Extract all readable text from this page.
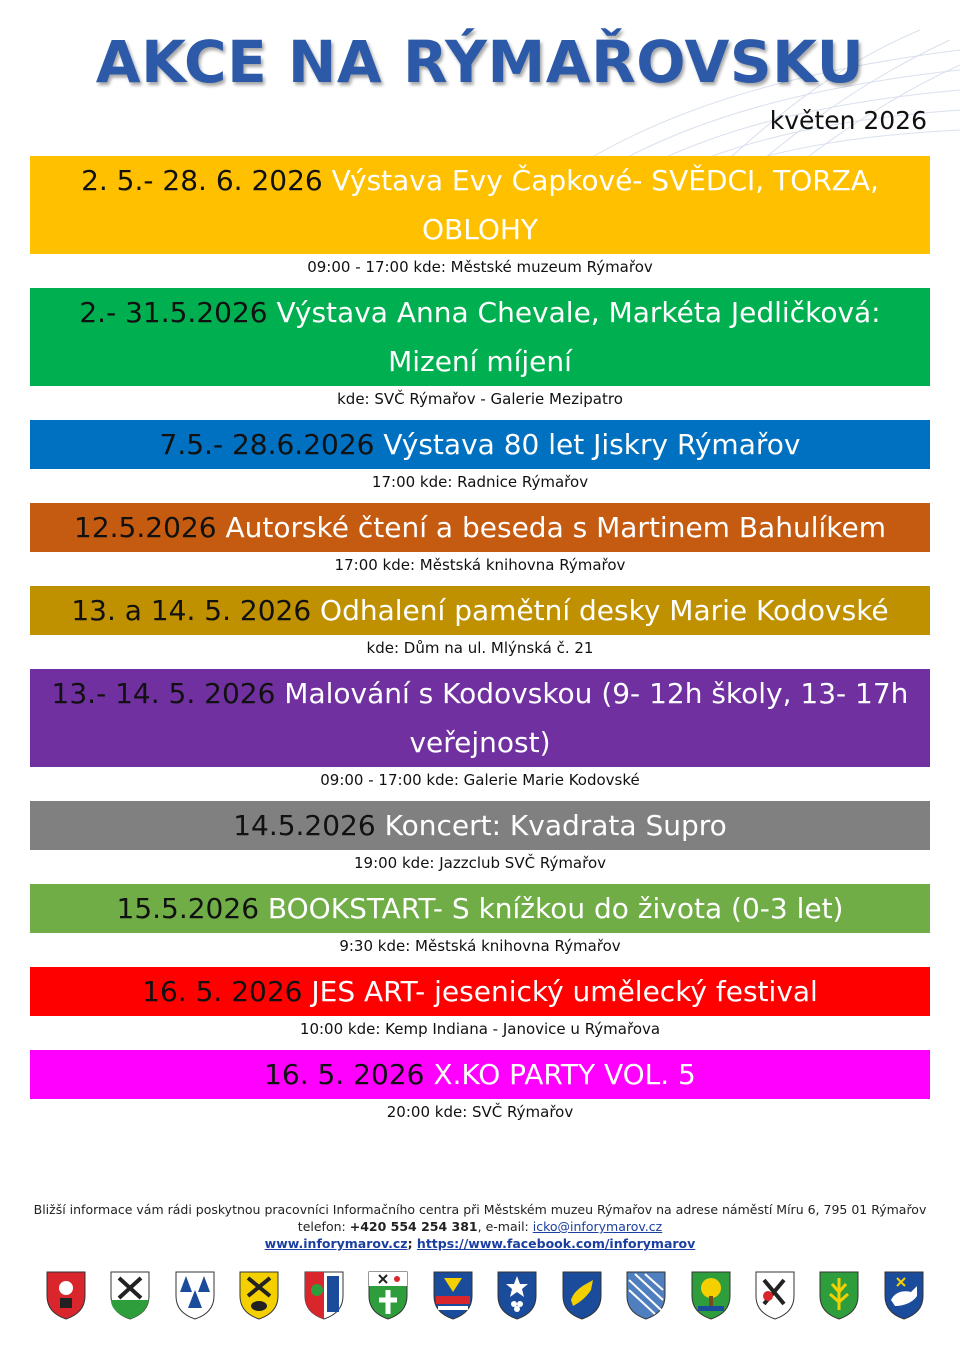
AKCE NA RÝMAŘOVSKU
květen 2026
2. 5.- 28. 6. 2026 Výstava Evy Čapkové- SVĚDCI, TORZA, OBLOHY
09:00 - 17:00 kde: Městské muzeum Rýmařov
2.- 31.5.2026 Výstava Anna Chevale, Markéta Jedličková: Mizení míjení
kde: SVČ Rýmařov - Galerie Mezipatro
7.5.- 28.6.2026 Výstava 80 let Jiskry Rýmařov
17:00 kde: Radnice Rýmařov
12.5.2026 Autorské čtení a beseda s Martinem Bahulíkem
17:00 kde: Městská knihovna Rýmařov
13. a 14. 5. 2026 Odhalení pamětní desky Marie Kodovské
kde: Dům na ul. Mlýnská č. 21
13.- 14. 5. 2026 Malování s Kodovskou (9- 12h školy, 13- 17h veřejnost)
09:00 - 17:00 kde: Galerie Marie Kodovské
14.5.2026 Koncert: Kvadrata Supro
19:00 kde: Jazzclub SVČ Rýmařov
15.5.2026 BOOKSTART- S knížkou do života (0-3 let)
9:30 kde: Městská knihovna Rýmařov
16. 5. 2026 JES ART- jesenický umělecký festival
10:00 kde: Kemp Indiana - Janovice u Rýmařova
16. 5. 2026 X.KO PARTY VOL. 5
20:00 kde: SVČ Rýmařov
Bližší informace vám rádi poskytnou pracovníci Informačního centra při Městském muzeu Rýmařov na adrese náměstí Míru 6, 795 01 Rýmařov
telefon: +420 554 254 381, e-mail: icko@inforymarov.cz
www.inforymarov.cz; https://www.facebook.com/inforymarov
